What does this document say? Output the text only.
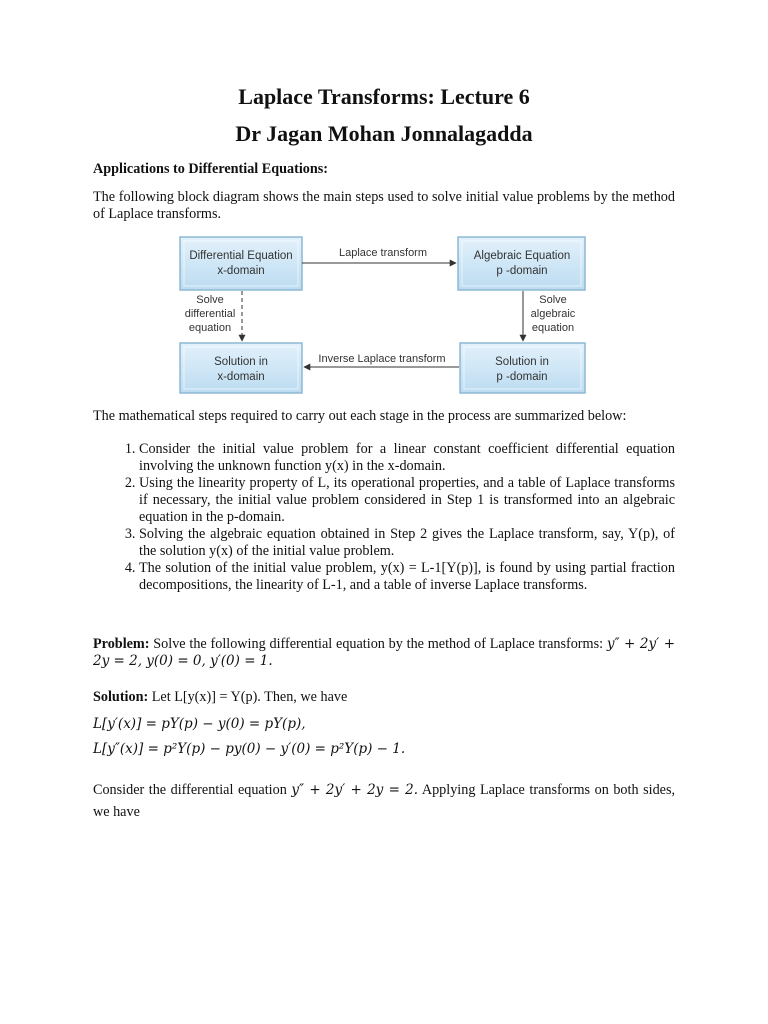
Laplace Transforms: Lecture 6
Dr Jagan Mohan Jonnalagadda
Applications to Differential Equations:
The following block diagram shows the main steps used to solve initial value problems by the method of Laplace transforms.
Differential Equation
x-domain
Algebraic Equation
p -domain
Solution in
x-domain
Solution in
p -domain
Laplace transform
Inverse Laplace transform
Solve
differential
equation
Solve
algebraic
equation
The mathematical steps required to carry out each stage in the process are summarized below:
1. Consider the initial value problem for a linear constant coefficient differential equation involving the unknown function y(x) in the x-domain.
2. Using the linearity property of L, its operational properties, and a table of Laplace transforms if necessary, the initial value problem considered in Step 1 is transformed into an algebraic equation in the p-domain.
3. Solving the algebraic equation obtained in Step 2 gives the Laplace transform, say, Y(p), of the solution y(x) of the initial value problem.
4. The solution of the initial value problem, y(x) = L-1[Y(p)], is found by using partial fraction decompositions, the linearity of L-1, and a table of inverse Laplace transforms.
Problem: Solve the following differential equation by the method of Laplace transforms: y″ + 2y′ + 2y = 2, y(0) = 0, y′(0) = 1.
Solution: Let L[y(x)] = Y(p). Then, we have
L[y′(x)] = pY(p) − y(0) = pY(p),
L[y″(x)] = p²Y(p) − py(0) − y′(0) = p²Y(p) − 1.
Consider the differential equation y″ + 2y′ + 2y = 2. Applying Laplace transforms on both sides, we have
